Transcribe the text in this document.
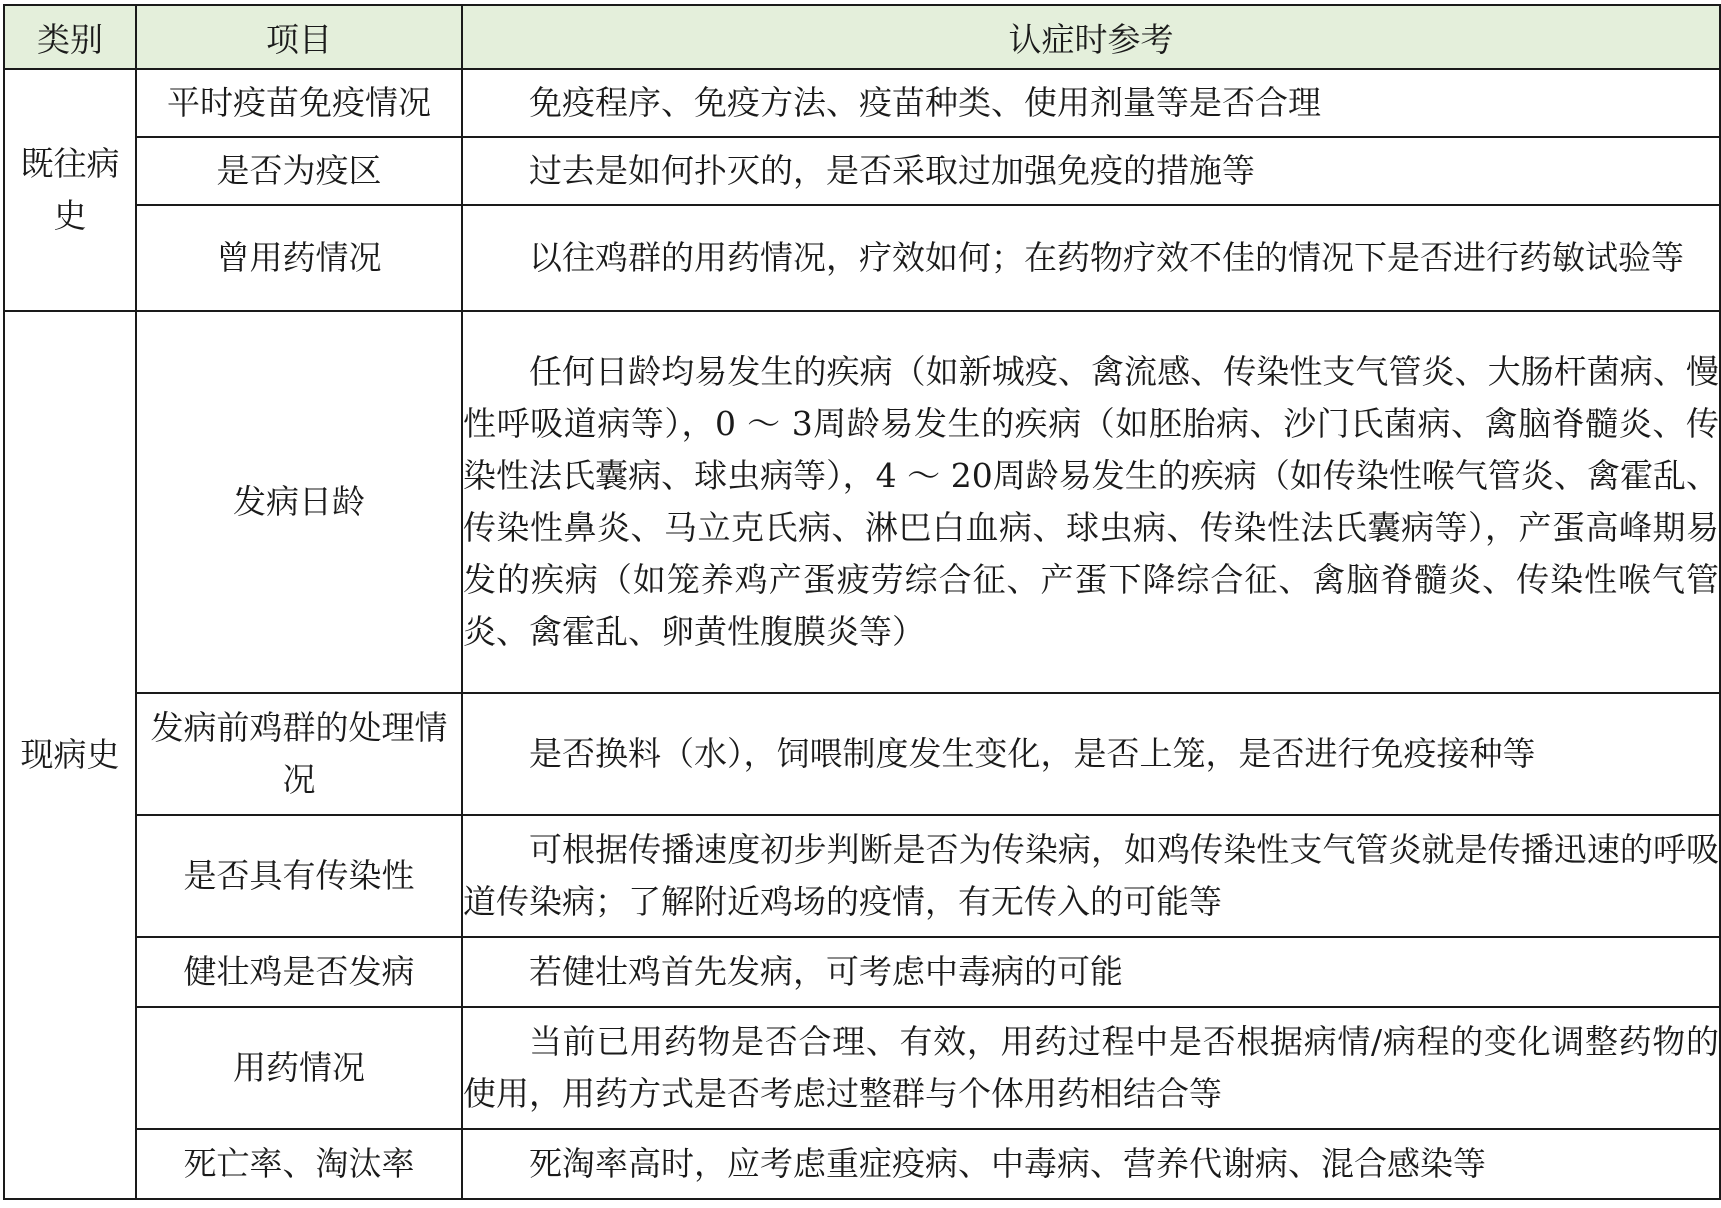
类别	项目	认症时参考
既往病史	平时疫苗免疫情况	免疫程序、免疫方法、疫苗种类、使用剂量等是否合理
	是否为疫区	过去是如何扑灭的，是否采取过加强免疫的措施等
	曾用药情况	以往鸡群的用药情况，疗效如何；在药物疗效不佳的情况下是否进行药敏试验等
现病史	发病日龄	任何日龄均易发生的疾病（如新城疫、禽流感、传染性支气管炎、大肠杆菌病、慢性呼吸道病等），0 ～ 3周龄易发生的疾病（如胚胎病、沙门氏菌病、禽脑脊髓炎、传染性法氏囊病、球虫病等），4 ～ 20周龄易发生的疾病（如传染性喉气管炎、禽霍乱、传染性鼻炎、马立克氏病、淋巴白血病、球虫病、传染性法氏囊病等），产蛋高峰期易发的疾病（如笼养鸡产蛋疲劳综合征、产蛋下降综合征、禽脑脊髓炎、传染性喉气管炎、禽霍乱、卵黄性腹膜炎等）
	发病前鸡群的处理情况	是否换料（水），饲喂制度发生变化，是否上笼，是否进行免疫接种等
	是否具有传染性	可根据传播速度初步判断是否为传染病，如鸡传染性支气管炎就是传播迅速的呼吸道传染病；了解附近鸡场的疫情，有无传入的可能等
	健壮鸡是否发病	若健壮鸡首先发病，可考虑中毒病的可能
	用药情况	当前已用药物是否合理、有效，用药过程中是否根据病情/病程的变化调整药物的使用，用药方式是否考虑过整群与个体用药相结合等
	死亡率、淘汰率	死淘率高时，应考虑重症疫病、中毒病、营养代谢病、混合感染等
